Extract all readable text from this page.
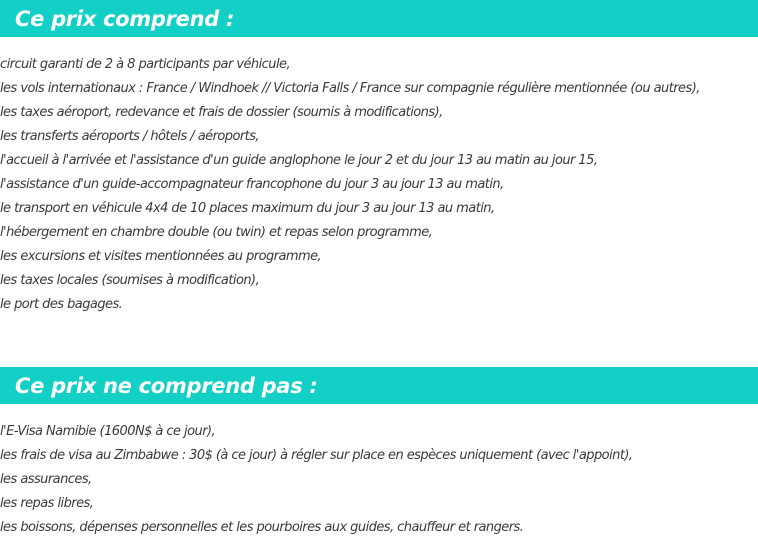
Ce prix comprend :
circuit garanti de 2 à 8 participants par véhicule,
les vols internationaux : France / Windhoek // Victoria Falls / France sur compagnie régulière mentionnée (ou autres),
les taxes aéroport, redevance et frais de dossier (soumis à modifications),
les transferts aéroports / hôtels / aéroports,
l'accueil à l'arrivée et l'assistance d'un guide anglophone le jour 2 et du jour 13 au matin au jour 15,
l'assistance d'un guide-accompagnateur francophone du jour 3 au jour 13 au matin,
le transport en véhicule 4x4 de 10 places maximum du jour 3 au jour 13 au matin,
l'hébergement en chambre double (ou twin) et repas selon programme,
les excursions et visites mentionnées au programme,
les taxes locales (soumises à modification),
le port des bagages.
Ce prix ne comprend pas :
l'E-Visa Namibie (1600N$ à ce jour),
les frais de visa au Zimbabwe : 30$ (à ce jour) à régler sur place en espèces uniquement (avec l'appoint),
les assurances,
les repas libres,
les boissons, dépenses personnelles et les pourboires aux guides, chauffeur et rangers.
